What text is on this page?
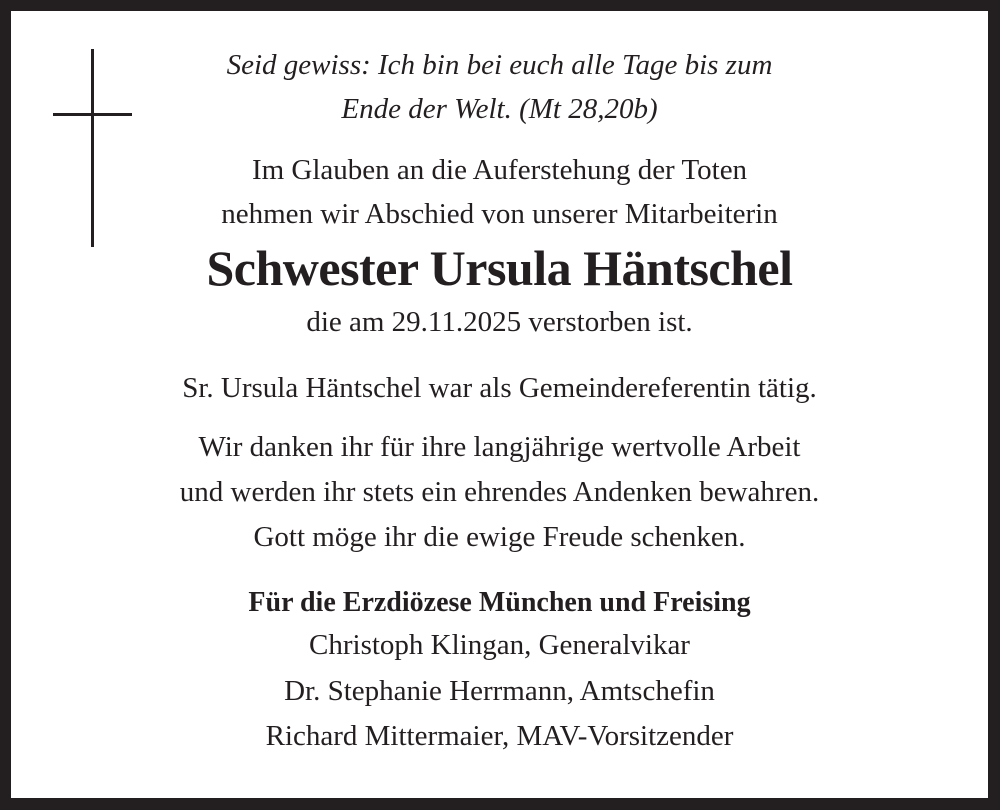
Seid gewiss: Ich bin bei euch alle Tage bis zum
Ende der Welt. (Mt 28,20b)
Im Glauben an die Auferstehung der Toten
nehmen wir Abschied von unserer Mitarbeiterin
Schwester Ursula Häntschel
die am 29.11.2025 verstorben ist.
Sr. Ursula Häntschel war als Gemeindereferentin tätig.
Wir danken ihr für ihre langjährige wertvolle Arbeit
und werden ihr stets ein ehrendes Andenken bewahren.
Gott möge ihr die ewige Freude schenken.
Für die Erzdiözese München und Freising
Christoph Klingan, Generalvikar
Dr. Stephanie Herrmann, Amtschefin
Richard Mittermaier, MAV-Vorsitzender
